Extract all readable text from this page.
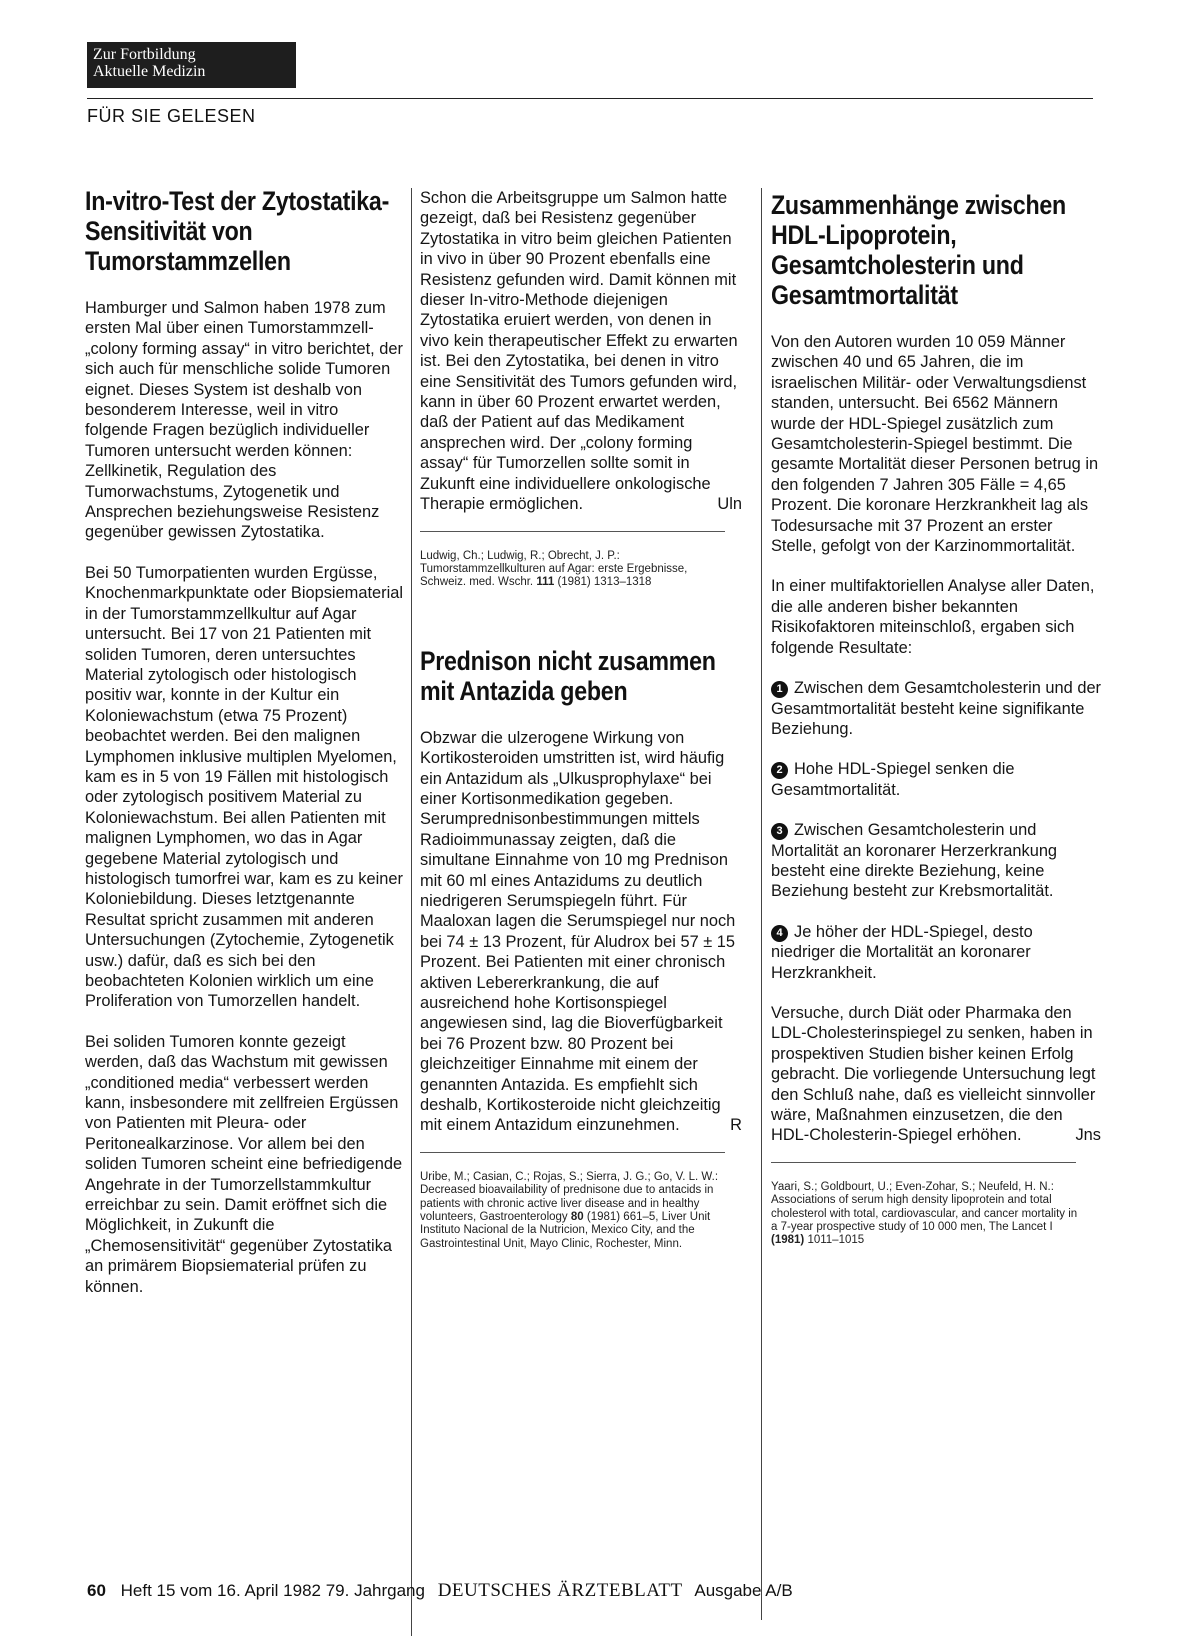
Zur Fortbildung
Aktuelle Medizin
FÜR SIE GELESEN
In-vitro-Test der Zytostatika-Sensitivität von Tumorstammzellen

Hamburger und Salmon haben 1978 zum ersten Mal über einen Tumorstammzell-„colony forming assay“ in vitro berichtet, der sich auch für menschliche solide Tumoren eignet. Dieses System ist deshalb von besonderem Interesse, weil in vitro folgende Fragen bezüglich individueller Tumoren untersucht werden können: Zellkinetik, Regulation des Tumorwachstums, Zytogenetik und Ansprechen beziehungsweise Resistenz gegenüber gewissen Zytostatika.

Bei 50 Tumorpatienten wurden Ergüsse, Knochenmarkpunktate oder Biopsiematerial in der Tumorstammzellkultur auf Agar untersucht. Bei 17 von 21 Patienten mit soliden Tumoren, deren untersuchtes Material zytologisch oder histologisch positiv war, konnte in der Kultur ein Koloniewachstum (etwa 75 Prozent) beobachtet werden. Bei den malignen Lymphomen inklusive multiplen Myelomen, kam es in 5 von 19 Fällen mit histologisch oder zytologisch positivem Material zu Koloniewachstum. Bei allen Patienten mit malignen Lymphomen, wo das in Agar gegebene Material zytologisch und histologisch tumorfrei war, kam es zu keiner Koloniebildung. Dieses letztgenannte Resultat spricht zusammen mit anderen Untersuchungen (Zytochemie, Zytogenetik usw.) dafür, daß es sich bei den beobachteten Kolonien wirklich um eine Proliferation von Tumorzellen handelt.

Bei soliden Tumoren konnte gezeigt werden, daß das Wachstum mit gewissen „conditioned media“ verbessert werden kann, insbesondere mit zellfreien Ergüssen von Patienten mit Pleura- oder Peritonealkarzinose. Vor allem bei den soliden Tumoren scheint eine befriedigende Angehrate in der Tumorzellstammkultur erreichbar zu sein. Damit eröffnet sich die Möglichkeit, in Zukunft die „Chemosensitivität“ gegenüber Zytostatika an primärem Biopsiematerial prüfen zu können.

Schon die Arbeitsgruppe um Salmon hatte gezeigt, daß bei Resistenz gegenüber Zytostatika in vitro beim gleichen Patienten in vivo in über 90 Prozent ebenfalls eine Resistenz gefunden wird. Damit können mit dieser In-vitro-Methode diejenigen Zytostatika eruiert werden, von denen in vivo kein therapeutischer Effekt zu erwarten ist. Bei den Zytostatika, bei denen in vitro eine Sensitivität des Tumors gefunden wird, kann in über 60 Prozent erwartet werden, daß der Patient auf das Medikament ansprechen wird. Der „colony forming assay“ für Tumorzellen sollte somit in Zukunft eine individuellere onkologische Therapie ermöglichen.	Uln

Ludwig, Ch.; Ludwig, R.; Obrecht, J. P.: Tumorstammzellkulturen auf Agar: erste Ergebnisse, Schweiz. med. Wschr. 111 (1981) 1313–1318
Prednison nicht zusammen mit Antazida geben

Obzwar die ulzerogene Wirkung von Kortikosteroiden umstritten ist, wird häufig ein Antazidum als „Ulkusprophylaxe“ bei einer Kortisonmedikation gegeben. Serumprednisonbestimmungen mittels Radioimmunassay zeigten, daß die simultane Einnahme von 10 mg Prednison mit 60 ml eines Antazidums zu deutlich niedrigeren Serumspiegeln führt. Für Maaloxan lagen die Serumspiegel nur noch bei 74 ± 13 Prozent, für Aludrox bei 57 ± 15 Prozent. Bei Patienten mit einer chronisch aktiven Lebererkrankung, die auf ausreichend hohe Kortisonspiegel angewiesen sind, lag die Bioverfügbarkeit bei 76 Prozent bzw. 80 Prozent bei gleichzeitiger Einnahme mit einem der genannten Antazida. Es empfiehlt sich deshalb, Kortikosteroide nicht gleichzeitig mit einem Antazidum einzunehmen.	R

Uribe, M.; Casian, C.; Rojas, S.; Sierra, J. G.; Go, V. L. W.: Decreased bioavailability of prednisone due to antacids in patients with chronic active liver disease and in healthy volunteers, Gastroenterology 80 (1981) 661–5, Liver Unit Instituto Nacional de la Nutricion, Mexico City, and the Gastrointestinal Unit, Mayo Clinic, Rochester, Minn.
Zusammenhänge zwischen HDL-Lipoprotein, Gesamtcholesterin und Gesamtmortalität

Von den Autoren wurden 10 059 Männer zwischen 40 und 65 Jahren, die im israelischen Militär- oder Verwaltungsdienst standen, untersucht. Bei 6562 Männern wurde der HDL-Spiegel zusätzlich zum Gesamtcholesterin-Spiegel bestimmt. Die gesamte Mortalität dieser Personen betrug in den folgenden 7 Jahren 305 Fälle = 4,65 Prozent. Die koronare Herzkrankheit lag als Todesursache mit 37 Prozent an erster Stelle, gefolgt von der Karzinommortalität.

In einer multifaktoriellen Analyse aller Daten, die alle anderen bisher bekannten Risikofaktoren miteinschloß, ergaben sich folgende Resultate:

1 Zwischen dem Gesamtcholesterin und der Gesamtmortalität besteht keine signifikante Beziehung.

2 Hohe HDL-Spiegel senken die Gesamtmortalität.

3 Zwischen Gesamtcholesterin und Mortalität an koronarer Herzerkrankung besteht eine direkte Beziehung, keine Beziehung besteht zur Krebsmortalität.

4 Je höher der HDL-Spiegel, desto niedriger die Mortalität an koronarer Herzkrankheit.

Versuche, durch Diät oder Pharmaka den LDL-Cholesterinspiegel zu senken, haben in prospektiven Studien bisher keinen Erfolg gebracht. Die vorliegende Untersuchung legt den Schluß nahe, daß es vielleicht sinnvoller wäre, Maßnahmen einzusetzen, die den HDL-Cholesterin-Spiegel erhöhen.	Jns

Yaari, S.; Goldbourt, U.; Even-Zohar, S.; Neufeld, H. N.: Associations of serum high density lipoprotein and total cholesterol with total, cardiovascular, and cancer mortality in a 7-year prospective study of 10 000 men, The Lancet I (1981) 1011–1015
60 Heft 15 vom 16. April 1982 79. Jahrgang DEUTSCHES ÄRZTEBLATT Ausgabe A/B
